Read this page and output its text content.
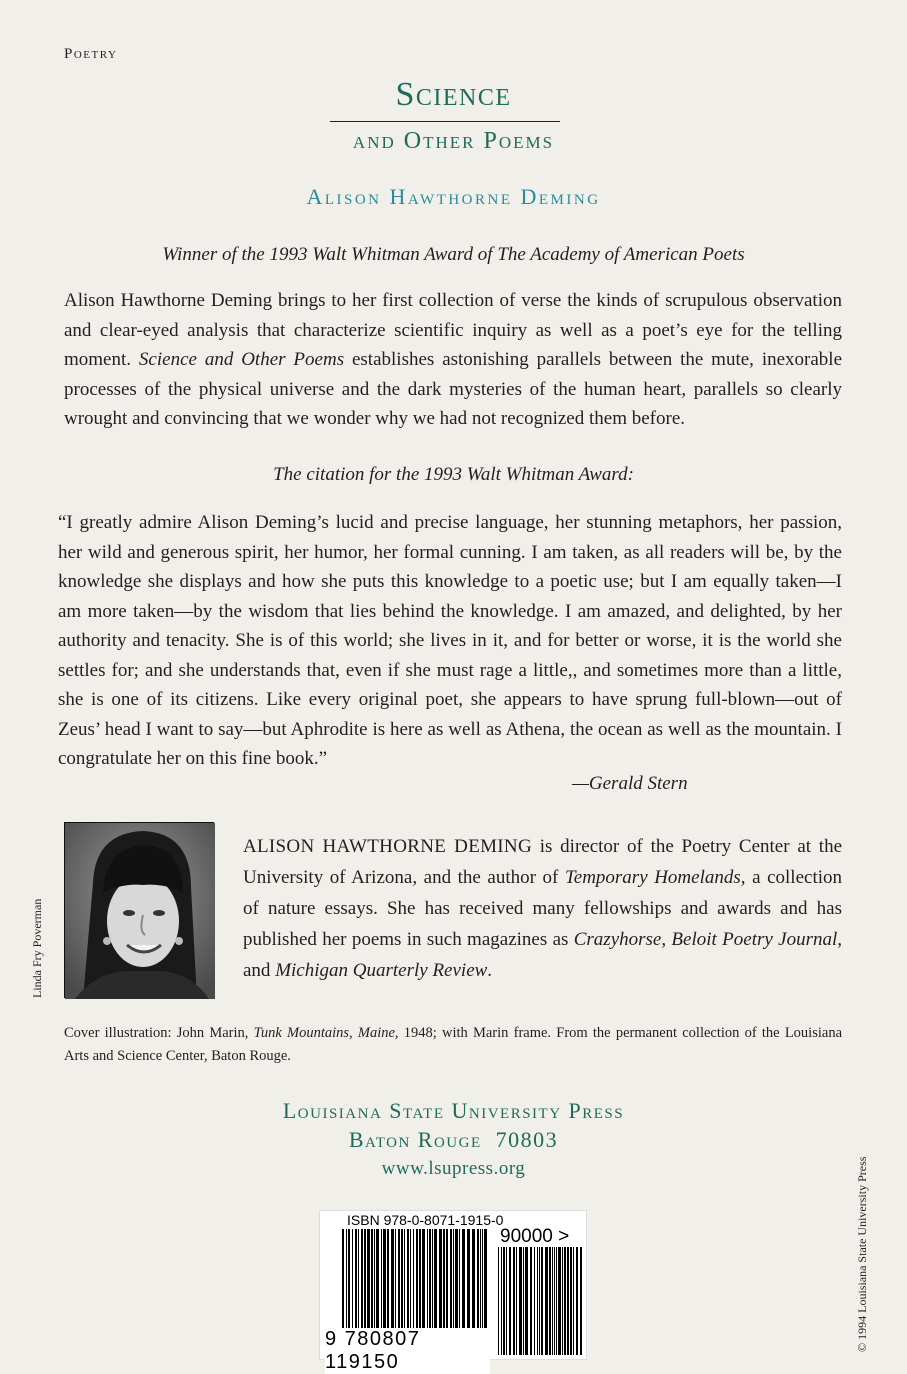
Poetry
Science
and Other Poems
Alison Hawthorne Deming
Winner of the 1993 Walt Whitman Award of The Academy of American Poets

Alison Hawthorne Deming brings to her first collection of verse the kinds of scrupulous observation and clear-eyed analysis that characterize scientific inquiry as well as a poet’s eye for the telling moment. Science and Other Poems establishes astonishing parallels between the mute, inexorable processes of the physical universe and the dark mysteries of the human heart, parallels so clearly wrought and convincing that we wonder why we had not recognized them before.

The citation for the 1993 Walt Whitman Award:

“I greatly admire Alison Deming’s lucid and precise language, her stunning metaphors, her passion, her wild and generous spirit, her humor, her formal cunning. I am taken, as all readers will be, by the knowledge she displays and how she puts this knowledge to a poetic use; but I am equally taken—I am more taken—by the wisdom that lies behind the knowledge. I am amazed, and delighted, by her authority and tenacity. She is of this world; she lives in it, and for better or worse, it is the world she settles for; and she understands that, even if she must rage a little,, and sometimes more than a little, she is one of its citizens. Like every original poet, she appears to have sprung full-blown—out of Zeus’ head I want to say—but Aphrodite is here as well as Athena, the ocean as well as the mountain. I congratulate her on this fine book.”

—Gerald Stern
Linda Fry Poverman

ALISON HAWTHORNE DEMING is director of the Poetry Center at the University of Arizona, and the author of Temporary Homelands, a collection of nature essays. She has received many fellowships and awards and has published her poems in such magazines as Crazyhorse, Beloit Poetry Journal, and Michigan Quarterly Review.

Cover illustration: John Marin, Tunk Mountains, Maine, 1948; with Marin frame. From the permanent collection of the Louisiana Arts and Science Center, Baton Rouge.

Louisiana State University Press
Baton Rouge  70803
www.lsupress.org	© 1994 Louisiana State University Press
ISBN 978-0-8071-1915-0
90000 >
9 780807 119150
